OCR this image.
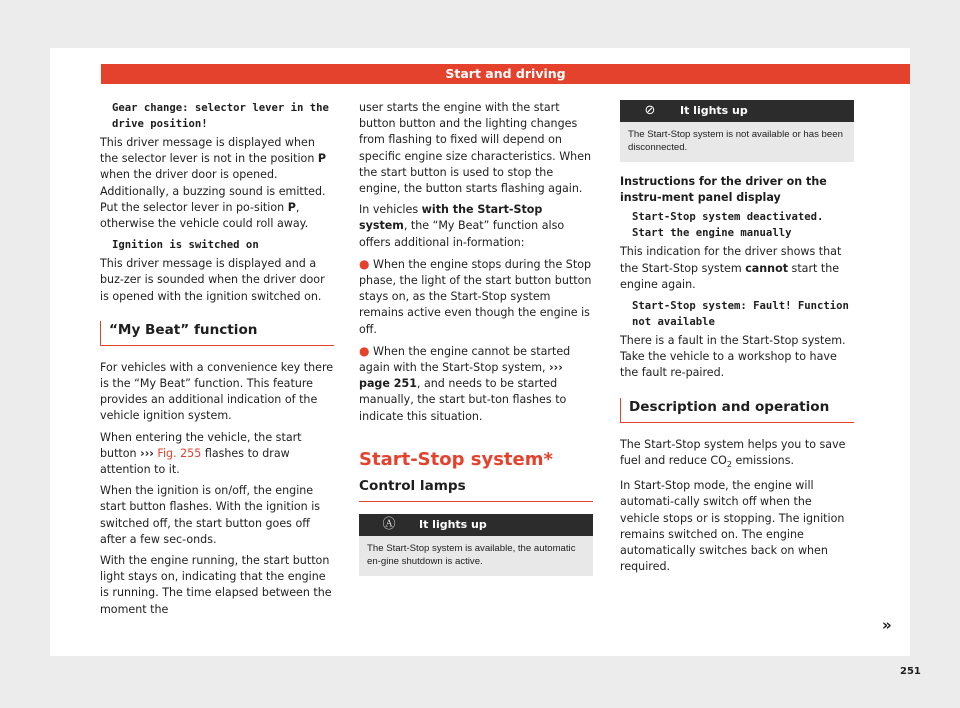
Start and driving
Gear change: selector lever in the drive position!

This driver message is displayed when the selector lever is not in the position P when the driver door is opened. Additionally, a buzzing sound is emitted. Put the selector lever in po-sition P, otherwise the vehicle could roll away.

Ignition is switched on

This driver message is displayed and a buz-zer is sounded when the driver door is opened with the ignition switched on.

“My Beat” function

For vehicles with a convenience key there is the “My Beat” function. This feature provides an additional indication of the vehicle ignition system.

When entering the vehicle, the start button ››› Fig. 255 flashes to draw attention to it.

When the ignition is on/off, the engine start button flashes. With the ignition is switched off, the start button goes off after a few sec-onds.

With the engine running, the start button light stays on, indicating that the engine is running. The time elapsed between the moment the

user starts the engine with the start button button and the lighting changes from flashing to fixed will depend on specific engine size characteristics. When the start button is used to stop the engine, the button starts flashing again.

In vehicles with the Start-Stop system, the “My Beat” function also offers additional in-formation:

● When the engine stops during the Stop phase, the light of the start button button stays on, as the Start-Stop system remains active even though the engine is off.

● When the engine cannot be started again with the Start-Stop system, ››› page 251, and needs to be started manually, the start but-ton flashes to indicate this situation.

Start-Stop system*
Control lamps
Ⓐ	It lights up
The Start-Stop system is available, the automatic en-gine shutdown is active.
⊘	It lights up
The Start-Stop system is not available or has been disconnected.
Instructions for the driver on the instru-ment panel display
Start-Stop system deactivated. Start the engine manually

This indication for the driver shows that the Start-Stop system cannot start the engine again.

Start-Stop system: Fault! Function not available

There is a fault in the Start-Stop system. Take the vehicle to a workshop to have the fault re-paired.

Description and operation

The Start-Stop system helps you to save fuel and reduce $CO_2$ emissions.

In Start-Stop mode, the engine will automati-cally switch off when the vehicle stops or is stopping. The ignition remains switched on. The engine automatically switches back on when required.

»
251
